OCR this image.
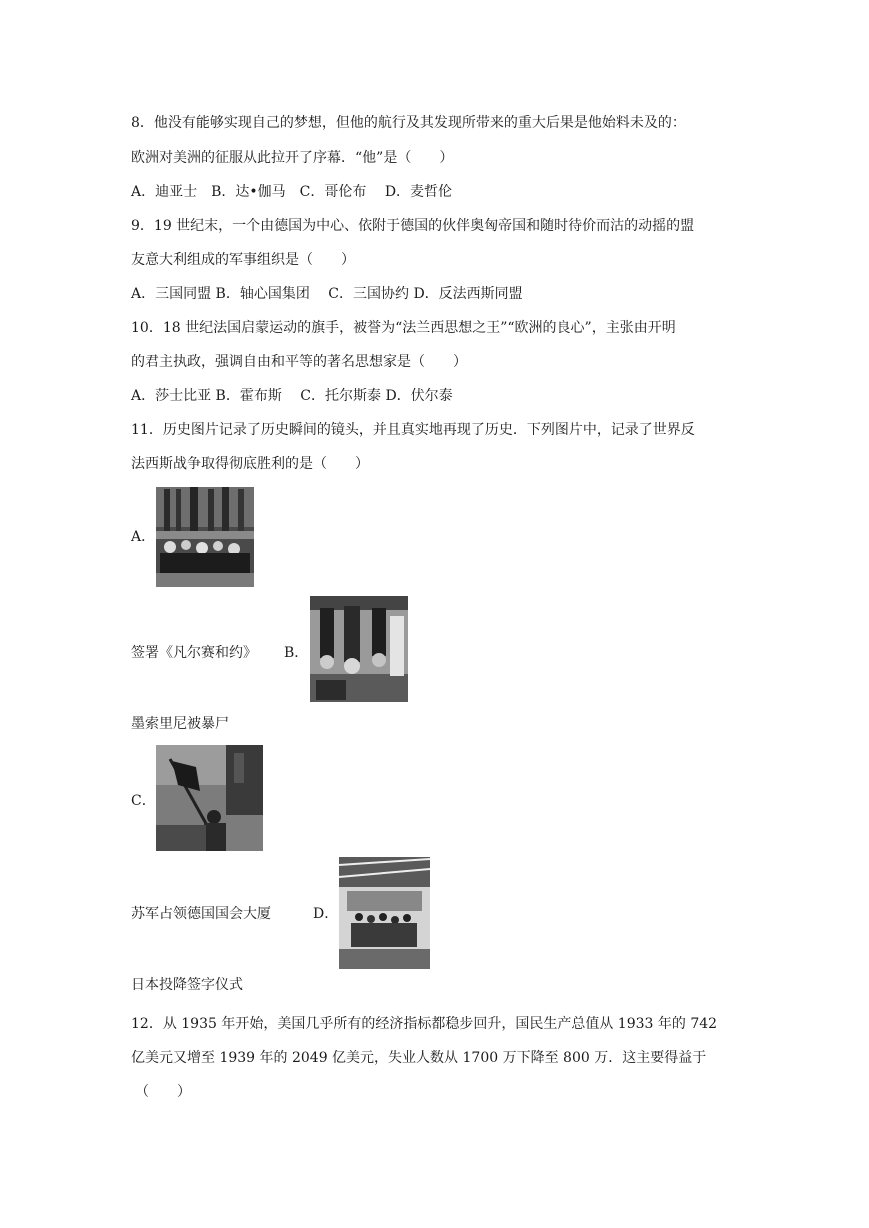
8．他没有能够实现自己的梦想，但他的航行及其发现所带来的重大后果是他始料未及的：
欧洲对美洲的征服从此拉开了序幕．“他”是（　　）
A．迪亚士　B．达•伽马　C．哥伦布　 D．麦哲伦
9．19 世纪末，一个由德国为中心、依附于德国的伙伴奥匈帝国和随时待价而沽的动摇的盟
友意大利组成的军事组织是（　　）
A．三国同盟 B．轴心国集团　 C．三国协约 D．反法西斯同盟
10．18 世纪法国启蒙运动的旗手，被誉为“法兰西思想之王”“欧洲的良心”，主张由开明
的君主执政，强调自由和平等的著名思想家是（　　）
A．莎士比亚 B．霍布斯　 C．托尔斯泰 D．伏尔泰
11．历史图片记录了历史瞬间的镜头，并且真实地再现了历史．下列图片中，记录了世界反
法西斯战争取得彻底胜利的是（　　）
A．
签署《凡尔赛和约》 B．
墨索里尼被暴尸
C．
苏军占领德国国会大厦	D．
日本投降签字仪式
12．从 1935 年开始，美国几乎所有的经济指标都稳步回升，国民生产总值从 1933 年的 742
亿美元又增至 1939 年的 2049 亿美元，失业人数从 1700 万下降至 800 万．这主要得益于
（　　）
